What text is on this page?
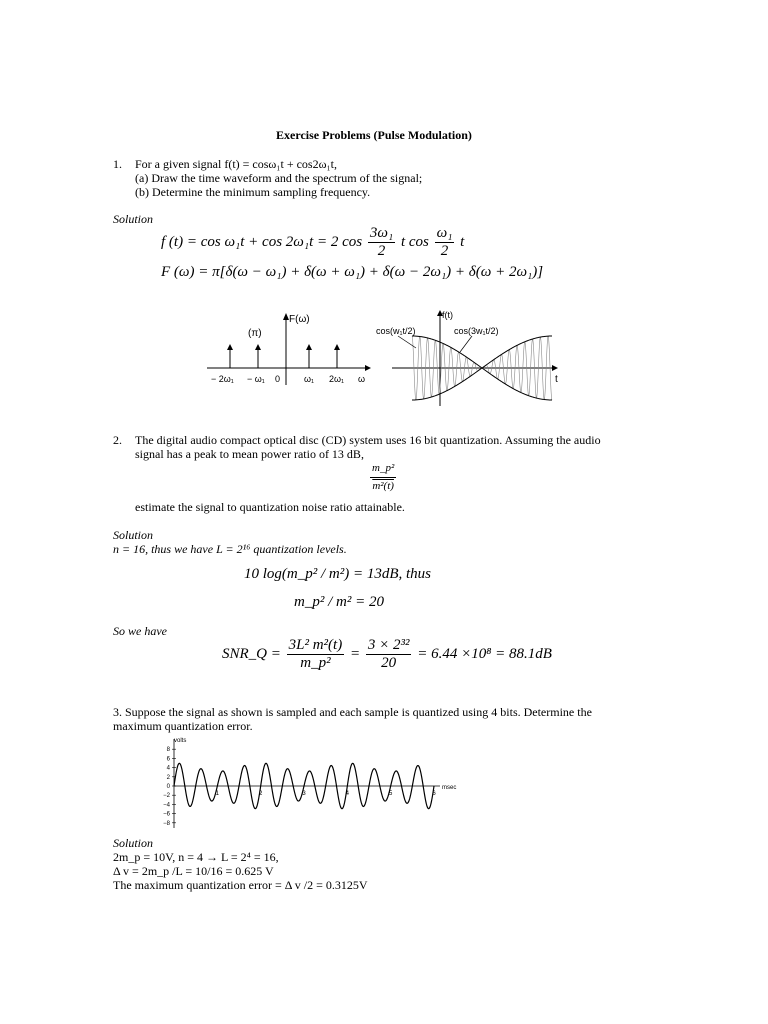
Exercise Problems (Pulse Modulation)
1. For a given signal f(t) = cosω₁t + cos2ω₁t,
(a) Draw the time waveform and the spectrum of the signal;
(b) Determine the minimum sampling frequency.
Solution
f (t) = cos ω₁t + cos 2ω₁t = 2 $\cos \frac{\text{3ω₁}}{2}$ t $\cos \frac{\text{ω₁}}{2}$ t
F (ω) = π[δ(ω − ω₁) + δ(ω + ω₁) + δ(ω − 2ω₁) + δ(ω + 2ω₁)]
F(ω)
(π)
− 2ω₁ − ω₁ 0	ω₁ 2ω₁ ω
f(t)
cos(w₁t/2)	cos(3w₁t/2)
t
2. The digital audio compact optical disc (CD) system uses 16 bit quantization. Assuming the audio
signal has a peak to mean power ratio of 13 dB,
$\frac{\text{m\_p²}}{\text{m²(t)}}$
estimate the signal to quantization noise ratio attainable.
Solution
n = 16, thus we have L = 2¹⁶ quantization levels.
10 log(m_p² / m²) = 13dB, thus
m_p² / m² = 20
So we have
SNR_Q = $\frac{\text{3L² m²(t)}}{\text{m\_p²}} = \frac{\text{3 × 2³²}}{20} = 6.44 \times 10^8 = 88.1dB$
3. Suppose the signal as shown is sampled and each sample is quantized using 4 bits. Determine the
maximum quantization error.
volts
msec
8
6
4
2
0
−2
−4
−6
−8
1	2	3	4	5	6
Solution
2m_p = 10V, n = 4 → L = 2⁴ = 16,
Δ v = 2m_p /L = 10/16 = 0.625 V
The maximum quantization error = Δ v /2 = 0.3125V
